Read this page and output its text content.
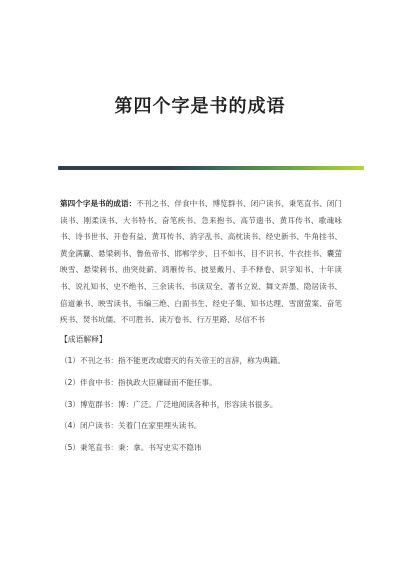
第四个字是书的成语
第四个字是书的成语：不刊之书、伴食中书、博览群书、闭户读书、秉笔直书、闭门读书、刚柔读书、大书特书、奋笔疾书、急来抱书、高节遗书、黄耳传书、歌魂咏书、诗书世书、开卷有益、黄耳传书、消字乱书、高枕读书、经史新书、牛角挂书、黄金满籯、悬梁刺书、鲁鱼帝书、邯郸学步、日不如书、目不识书、牛衣挂书、囊萤映雪、悬梁刺书、曲突徙薪、鸿雁传书、披星戴月、手不释卷、识字知书、十年读书、说礼知书、史不绝书、三余读书、书读双全、著书立说、舞文弄墨、隐居读书、倍道兼书、映雪读书、韦编三绝、白面书生、经史子集、知书达理、雪窗萤案、奋笔疾书、焚书坑儒、不可胜书、读万卷书、行万里路、尽信不书
【成语解释】
（1）不刊之书：指不能更改或磨灭的有关帝王的言辞，称为典籍。
（2）伴食中书：指执政大臣庸碌而不能任事。
（3）博览群书：博：广泛。广泛地阅读各种书，形容读书很多。
（4）闭户读书：关着门在家里埋头读书。
（5）秉笔直书：秉：拿。书写史实不隐讳
